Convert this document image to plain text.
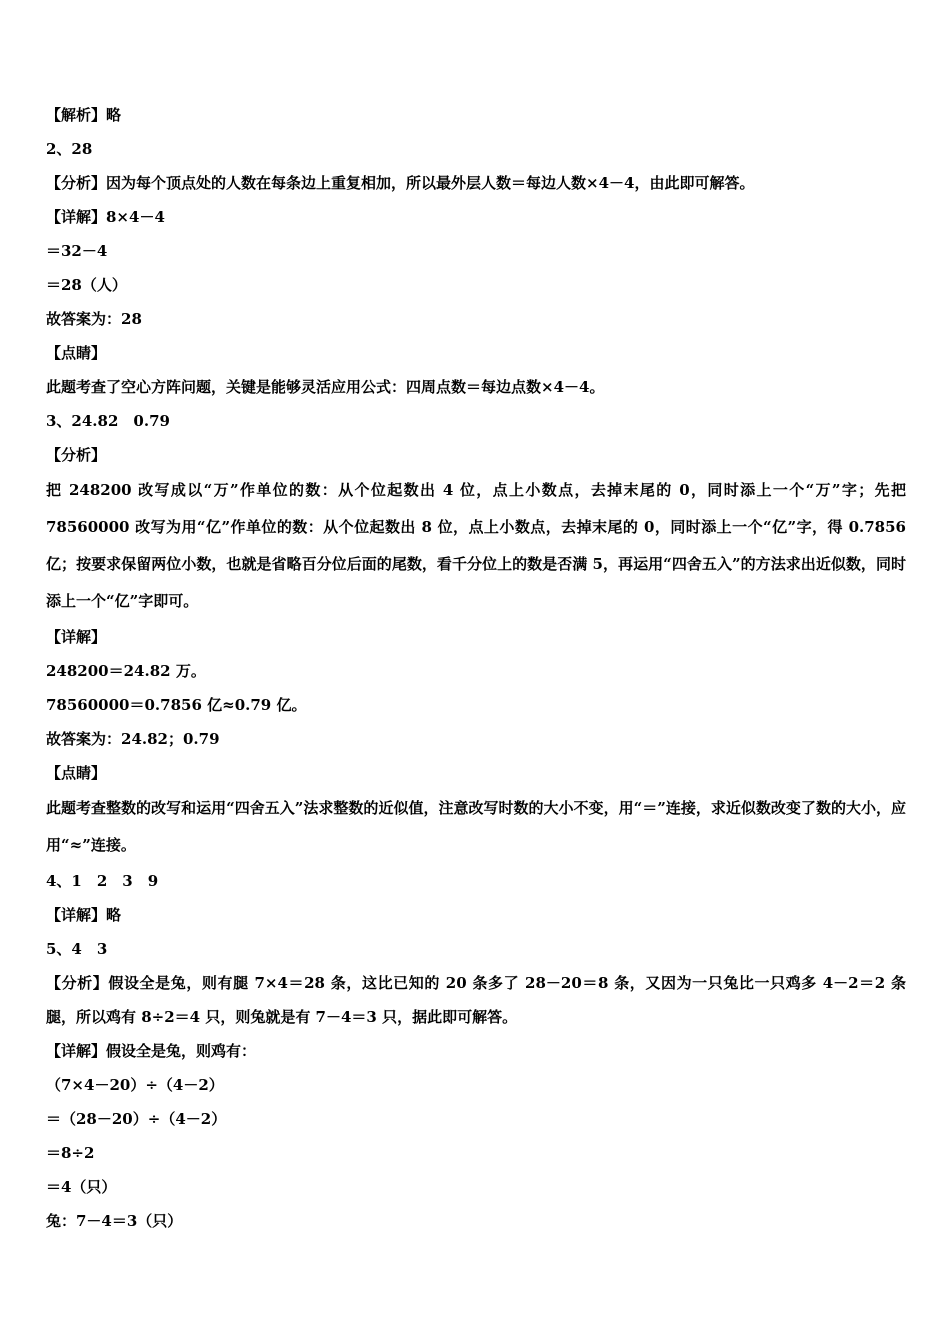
【解析】略
2、28
【分析】因为每个顶点处的人数在每条边上重复相加，所以最外层人数＝每边人数×4－4，由此即可解答。
【详解】8×4－4
＝32－4
＝28（人）
故答案为：28
【点睛】
此题考查了空心方阵问题，关键是能够灵活应用公式：四周点数＝每边点数×4－4。
3、24.82　0.79
【分析】

把 248200 改写成以“万”作单位的数：从个位起数出 4 位，点上小数点，去掉末尾的 0，同时添上一个“万”字；先把 78560000 改写为用“亿”作单位的数：从个位起数出 8 位，点上小数点，去掉末尾的 0，同时添上一个“亿”字，得 0.7856 亿；按要求保留两位小数，也就是省略百分位后面的尾数，看千分位上的数是否满 5，再运用“四舍五入”的方法求出近似数，同时添上一个“亿”字即可。

【详解】
248200＝24.82 万。
78560000＝0.7856 亿≈0.79 亿。
故答案为：24.82；0.79
【点睛】

此题考查整数的改写和运用“四舍五入”法求整数的近似值，注意改写时数的大小不变，用“＝”连接，求近似数改变了数的大小，应用“≈”连接。

4、1　2　3　9
【详解】略
5、4　3

【分析】假设全是兔，则有腿 7×4＝28 条，这比已知的 20 条多了 28－20＝8 条，又因为一只兔比一只鸡多 4－2＝2 条腿，所以鸡有 8÷2＝4 只，则兔就是有 7－4＝3 只，据此即可解答。

【详解】假设全是兔，则鸡有：
（7×4－20）÷（4－2）
＝（28－20）÷（4－2）
＝8÷2
＝4（只）
兔：7－4＝3（只）
